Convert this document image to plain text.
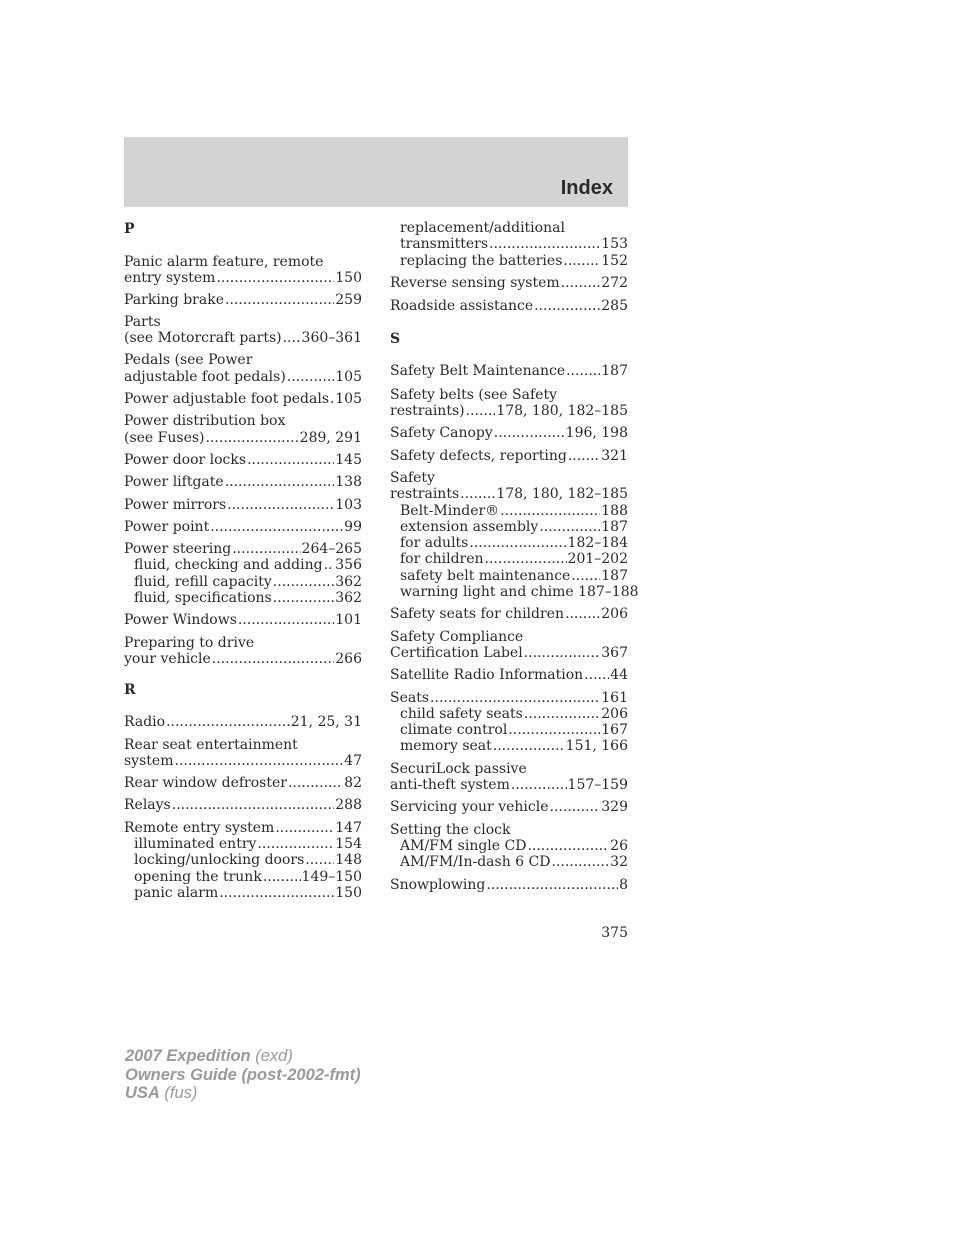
Index
P
Panic alarm feature, remote
entry system .....	150
Parking brake .....	259
Parts
(see Motorcraft parts) ..... 360–361
Pedals (see Power
adjustable foot pedals) .....	105
Power adjustable foot pedals ..... 105
Power distribution box
(see Fuses) .....	289, 291
Power door locks .....	145
Power liftgate .....	138
Power mirrors .....	103
Power point .....	99
Power steering .....	264–265
fluid, checking and adding ..... 356
fluid, refill capacity .....	362
fluid, specifications .....	362
Power Windows .....	101
Preparing to drive
your vehicle .....	266
R
Radio .....	21, 25, 31
Rear seat entertainment
system .....	47
Rear window defroster .....	82
Relays .....	288
Remote entry system .....	147
illuminated entry .....	154
locking/unlocking doors ..... 148
opening the trunk .....	149–150
panic alarm .....	150
replacement/additional
transmitters .....	153
replacing the batteries .....	152
Reverse sensing system .....	272
Roadside assistance .....	285
S
Safety Belt Maintenance .....	187
Safety belts (see Safety
restraints) ..... 178, 180, 182–185
Safety Canopy .....	196, 198
Safety defects, reporting ..... 321
Safety
restraints .....	178, 180, 182–185
Belt-Minder® .....	188
extension assembly .....	187
for adults .....	182–184
for children .....	201–202
safety belt maintenance ..... 187
warning light and chime 187–188
Safety seats for children .....	206
Safety Compliance
Certification Label .....	367
Satellite Radio Information ..... 44
Seats .....	161
child safety seats .....	206
climate control .....	167
memory seat .....	151, 166
SecuriLock passive
anti-theft system .....	157–159
Servicing your vehicle .....	329
Setting the clock
AM/FM single CD .....	26
AM/FM/In-dash 6 CD .....	32
Snowplowing .....	8
375
2007 Expedition (exd)
Owners Guide (post-2002-fmt)
USA (fus)
